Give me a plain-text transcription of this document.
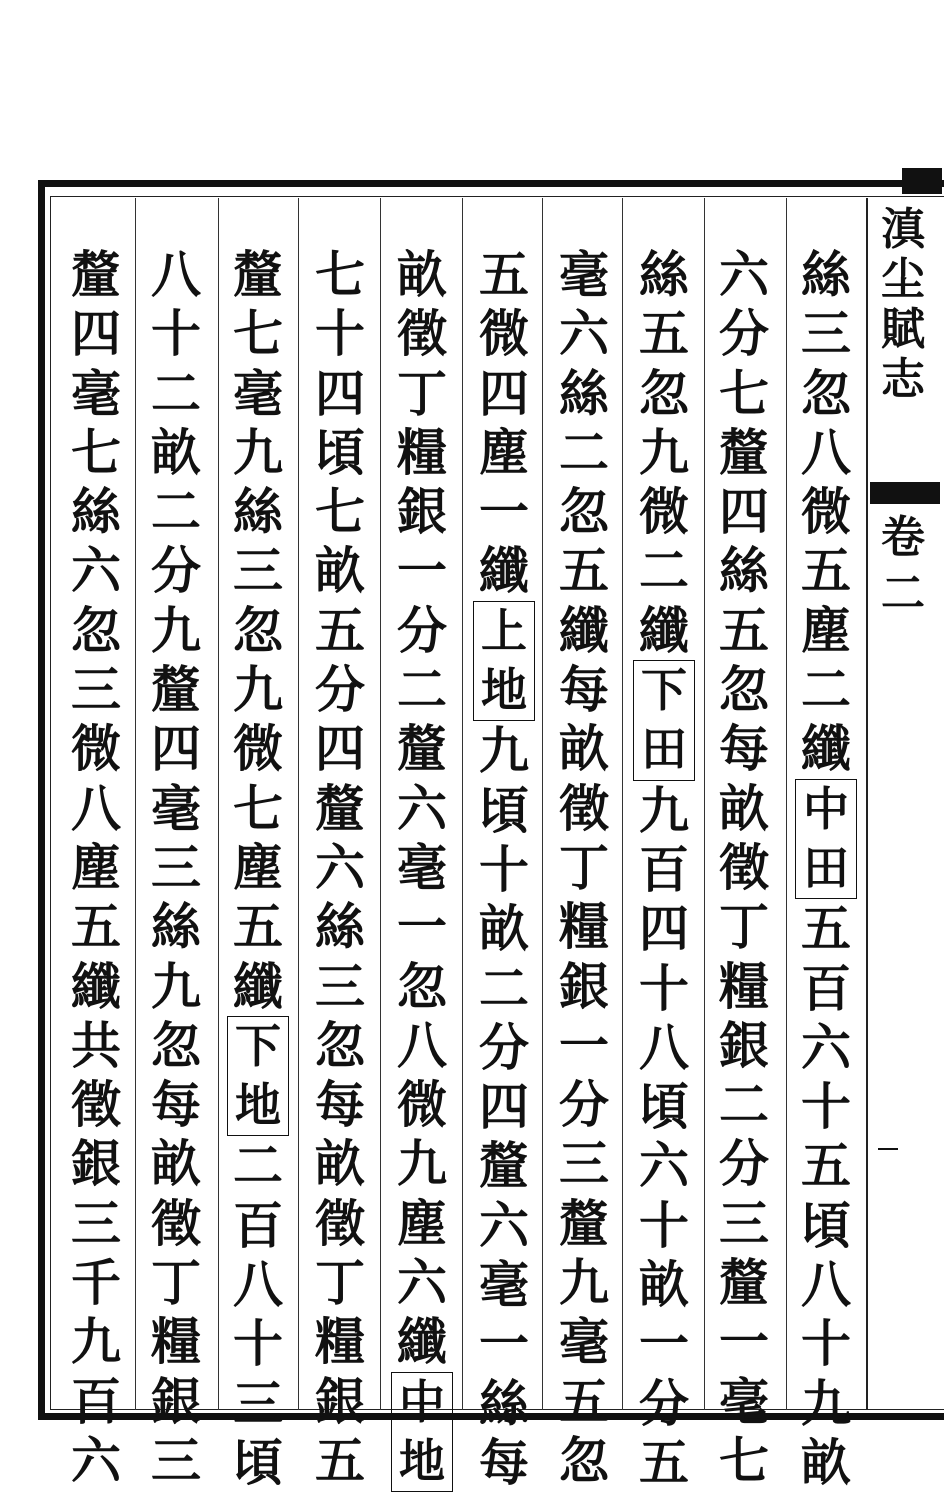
滇
尘
賦
志
卷
二
絲
三
忽
八
微
五
塵
二
纖
中
田
五
百
六
十
五
頃
八
十
九
畝
六
分
七
釐
四
絲
五
忽
每
畝
徵
丁
糧
銀
二
分
三
釐
一
毫
七
絲
五
忽
九
微
二
纖
下
田
九
百
四
十
八
頃
六
十
畝
一
分
五
毫
六
絲
二
忽
五
纖
每
畝
徵
丁
糧
銀
一
分
三
釐
九
毫
五
忽
五
微
四
塵
一
纖
上
地
九
頃
十
畝
二
分
四
釐
六
毫
一
絲
每
畝
徵
丁
糧
銀
一
分
二
釐
六
毫
一
忽
八
微
九
塵
六
纖
中
地
七
十
四
頃
七
畝
五
分
四
釐
六
絲
三
忽
每
畝
徵
丁
糧
銀
五
釐
七
毫
九
絲
三
忽
九
微
七
塵
五
纖
下
地
二
百
八
十
三
頃
八
十
二
畝
二
分
九
釐
四
毫
三
絲
九
忽
每
畝
徵
丁
糧
銀
三
釐
四
毫
七
絲
六
忽
三
微
八
塵
五
纖
共
徵
銀
三
千
九
百
六
